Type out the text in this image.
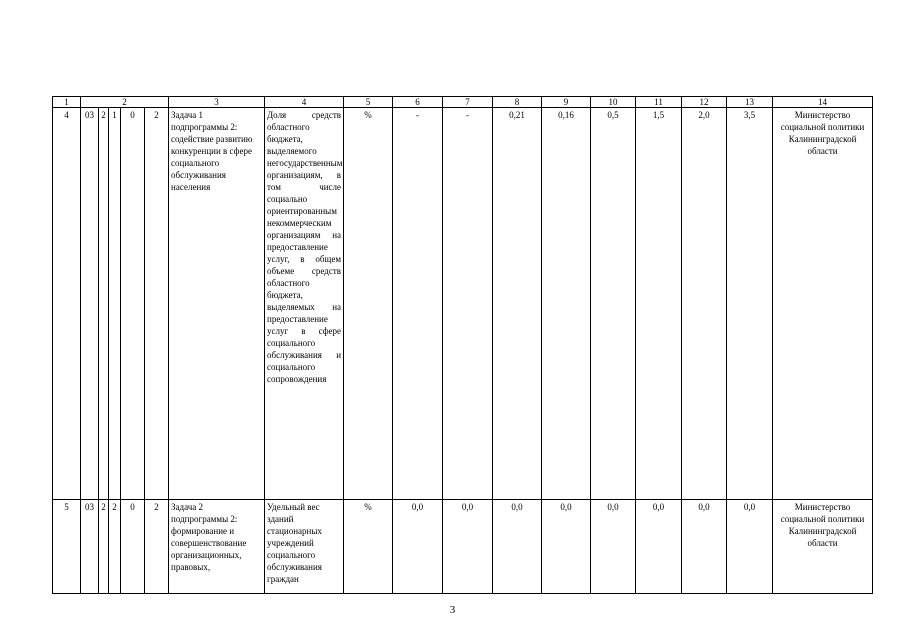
1	2					3	4	5	6	7	8	9	10	11	12	13	14
4	03	2	1	0	2	Задача 1 подпрограммы 2: содействие развитию конкуренции в сфере социального обслуживания населения	Доля средств областного бюджета, выделяемого негосударственным организациям, в том числе социально ориентированным некоммерческим организациям на предоставление услуг, в общем объеме средств областного бюджета, выделяемых на предоставление услуг в сфере социального обслуживания и социального сопровождения	%	-	-	0,21	0,16	0,5	1,5	2,0	3,5	Министерство социальной политики Калининградской области
5	03	2	2	0	2	Задача 2 подпрограммы 2: формирование и совершенствование организационных, правовых,	Удельный вес зданий стационарных учреждений социального обслуживания граждан	%	0,0	0,0	0,0	0,0	0,0	0,0	0,0	0,0	Министерство социальной политики Калининградской области
3
